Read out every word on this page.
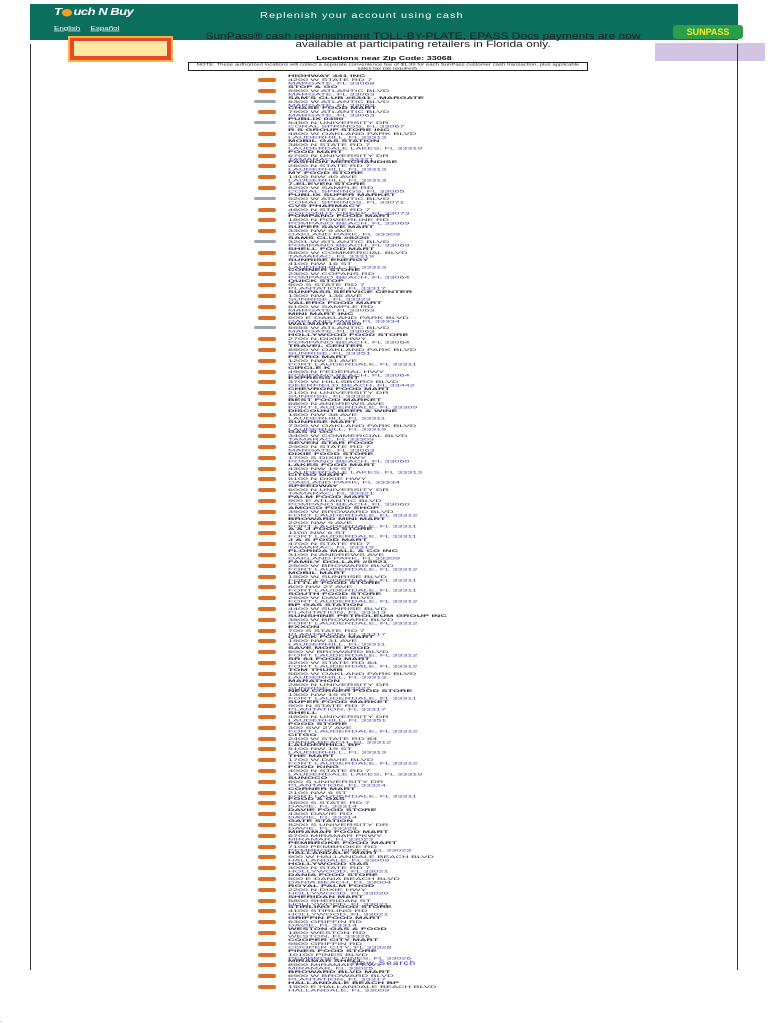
T uch N Buy
English Español
Replenish your account using cash
SunPass® cash replenishment TOLL-BY-PLATE, EPASS Docs payments are now available at participating retailers in Florida only.
SUNPASS
Locations near Zip Code: 33068
NOTE: These authorized locations will collect a separate convenience fee of $1.99 for each SunPass customer cash transaction, plus applicable sales tax (as required).
HIGHWAY 441 INC
4200 W STATE RD 7
MARGATE, FL 33068
STOP & GO
5900 W ATLANTIC BLVD
MARGATE, FL 33063
SAM'S CLUB #6341 - MARGATE
5300 W ATLANTIC BLVD
MARGATE, FL 33063
CHASE FOOD MART
7900 W ATLANTIC BLVD
MARGATE, FL 33063
PUBLIX 0450
5450 N UNIVERSITY DR
CORAL SPRINGS, FL 33067
R S GROUP STORE INC
4800 W OAKLAND PARK BLVD
LAUDERHILL, FL 33313
MOBIL GAS STATION
3800 N STATE RD 7
LAUDERDALE LAKES, FL 33319
FOOD MART
6700 N UNIVERSITY DR
TAMARAC, FL 33321
FASHION MERCHANDISE
2600 N STATE RD 7
LAUDERHILL, FL 33313
MY FOOD STORE
1400 NW 40 AVE
LAUDERHILL, FL 33313
7-ELEVEN STORE
8200 W SAMPLE RD
CORAL SPRINGS, FL 33065
PUBLIX SUPER MARKET
9200 W ATLANTIC BLVD
CORAL SPRINGS, FL 33071
CVS PHARMACY
4600 N STATE RD 7
COCONUT CREEK, FL 33073
POMPANO FOOD MART
1800 N POWERLINE RD
POMPANO BEACH, FL 33069
SUPER SAVE MART
3300 NW 9 AVE
OAKLAND PARK, FL 33309
SAMS CLUB #8220
3201 W ATLANTIC BLVD
POMPANO BEACH, FL 33069
SHELL FOOD MART
5800 W COMMERCIAL BLVD
TAMARAC, FL 33319
SUNRISE ENERGY
4100 NW 16 ST
LAUDERHILL, FL 33313
CORNER STORE
2300 W COPANS RD
POMPANO BEACH, FL 33064
QUICK STOP
900 S STATE RD 7
PLANTATION, FL 33317
SUNPASS SERVICE CENTER
1300 NW 136 AVE
SUNRISE, FL 33323
VALERO FOOD MART
6100 W SAMPLE RD
MARGATE, FL 33063
MINI MART INC
500 E OAKLAND PARK BLVD
OAKLAND PARK, FL 33334
WALMART #3520
5555 W ATLANTIC BLVD
MARGATE, FL 33063
HOLLYWOOD FOOD STORE
2700 N DIXIE HWY
POMPANO BEACH, FL 33064
TRAVEL CENTER
8500 W OAKLAND PARK BLVD
SUNRISE, FL 33351
PETRO MART
1200 NW 31 AVE
FORT LAUDERDALE, FL 33311
CIRCLE K
4900 N FEDERAL HWY
POMPANO BEACH, FL 33064
EXPRESS MART
3700 W HILLSBORO BLVD
DEERFIELD BEACH, FL 33442
CHEVRON FOOD MART
2100 N UNIVERSITY DR
SUNRISE, FL 33322
BEST FOOD MARKET
6800 N ANDREWS AVE
FORT LAUDERDALE, FL 33309
DISCOUNT BEER & WINE
1600 NW 38 AVE
LAUDERHILL, FL 33311
SUNRISE MART
7300 W OAKLAND PARK BLVD
LAUDERHILL, FL 33319
GAS N GO
3400 W COMMERCIAL BLVD
TAMARAC, FL 33309
SEVEN STAR FOOD
2900 N STATE RD 7
MARGATE, FL 33063
DIXIE FOOD STORE
1700 S DIXIE HWY
POMPANO BEACH, FL 33060
LAKES FOOD MART
4300 NW 19 ST
LAUDERDALE LAKES, FL 33313
CITGO MART
5100 N DIXIE HWY
OAKLAND PARK, FL 33334
SPEEDWAY
6000 N UNIVERSITY DR
TAMARAC, FL 33321
PALM FOOD MART
900 E ATLANTIC BLVD
POMPANO BEACH, FL 33060
AMOCO FOOD SHOP
3900 W BROWARD BLVD
FORT LAUDERDALE, FL 33312
BROWARD MINI MART
2200 NW 9 AVE
FORT LAUDERDALE, FL 33311
A & J FOOD STORE
1100 NW 6 ST
FORT LAUDERDALE, FL 33311
J & S FOOD MART
4700 N STATE RD 7
TAMARAC, FL 33319
FLORIDA MALL & CO INC
3100 N ANDREWS AVE
OAKLAND PARK, FL 33309
FAMILY DOLLAR #5521
2500 W BROWARD BLVD
FORT LAUDERDALE, FL 33312
MOBIL MART
1500 W SUNRISE BLVD
FORT LAUDERDALE, FL 33311
LITTLE FOOD STORE
800 NW 27 AVE
FORT LAUDERDALE, FL 33311
SOUTH FOOD STORE
2600 W DAVIE BLVD
FORT LAUDERDALE, FL 33312
BP GAS STATION
4400 W SUNRISE BLVD
PLANTATION, FL 33313
SUNSHINE PETROLEUM GROUP INC
3500 W BROWARD BLVD
FORT LAUDERDALE, FL 33312
EXXON
700 S STATE RD 7
PLANTATION, FL 33317
QUICK FOOD MART
1900 NW 31 AVE
LAUDERHILL, FL 33311
SAVE MORE FOOD
600 W BROWARD BLVD
FORT LAUDERDALE, FL 33312
SR 84 FOOD MART
3200 W STATE RD 84
FORT LAUDERDALE, FL 33312
TOM THUMB
5600 W OAKLAND PARK BLVD
LAUDERHILL, FL 33313
MARATHON
2800 N UNIVERSITY DR
SUNRISE, FL 33322
NEW CORNER FOOD STORE
1300 NW 19 ST
FORT LAUDERDALE, FL 33311
SUPER FOOD MARKET
900 N STATE RD 7
PLANTATION, FL 33317
SHELL
4500 N UNIVERSITY DR
LAUDERHILL, FL 33351
FOOD STORE
300 SW 27 AVE
FORT LAUDERDALE, FL 33312
CITGO
2400 W STATE RD 84
DANIA BEACH, FL 33312
LAUDERHILL BP
5100 NW 19 ST
LAUDERHILL, FL 33313
THE MART
1700 W DAVIE BLVD
FORT LAUDERDALE, FL 33312
FOOD KING
4000 N STATE RD 7
LAUDERDALE LAKES, FL 33319
SUNOCO
600 S UNIVERSITY DR
PLANTATION, FL 33324
CORNER MART
2100 NW 6 ST
FORT LAUDERDALE, FL 33311
FOOD & GAS
3600 S STATE RD 7
DAVIE, FL 33314
DAVIE FOOD STORE
4300 DAVIE RD
DAVIE, FL 33314
GATE STATION
5200 S UNIVERSITY DR
DAVIE, FL 33328
MIRAMAR FOOD MART
6700 MIRAMAR PKWY
MIRAMAR, FL 33023
PEMBROKE FOOD MART
7100 PEMBROKE RD
PEMBROKE PINES, FL 33023
HALLANDALE MART
900 W HALLANDALE BEACH BLVD
HALLANDALE, FL 33009
HOLLYWOOD GAS
3000 N STATE RD 7
HOLLYWOOD, FL 33021
DANIA FOOD STORE
500 E DANIA BEACH BLVD
DANIA BEACH, FL 33004
ROYAL PALM FOOD
2200 N DIXIE HWY
HOLLYWOOD, FL 33020
SHERIDAN MART
5800 SHERIDAN ST
HOLLYWOOD, FL 33021
STIRLING FOOD STORE
4100 STIRLING RD
HOLLYWOOD, FL 33021
GRIFFIN FOOD MART
6300 GRIFFIN RD
DAVIE, FL 33314
WESTON GAS & FOOD
1800 WESTON RD
WESTON, FL 33326
COOPER CITY MART
9500 GRIFFIN RD
COOPER CITY, FL 33328
PINES FOOD STORE
10100 PINES BLVD
PEMBROKE PINES, FL 33026
MIRAMAR SHELL
8900 MIRAMAR PKWY
MIRAMAR, FL 33025
BROWARD BLVD MART
6900 W BROWARD BLVD
PLANTATION, FL 33317
HALLANDALE BEACH BP
1500 E HALLANDALE BEACH BLVD
HALLANDALE, FL 33009
New Search
.
